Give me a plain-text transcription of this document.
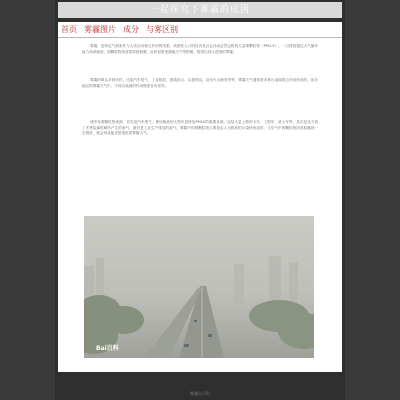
一起探究下雾霾的成因
首页 雾霾图片 成分 与雾区别

雾霾，是特定气候条件与人类活动相互作用的结果。高密度人口的经济及社会活动必然会排放大量细颗粒物（PM2.5），一旦排放超过大气循环能力和承载度，细颗粒物浓度将持续积聚，此时如果受静稳天气等影响，极易出现大范围的雾霾。

雾霾的源头多种多样，比如汽车尾气、工业排放、建筑扬尘、垃圾焚烧，甚至火山喷发等等，雾霾天气通常是多种污染源混合作用形成的。但各地区的雾霾天气中，不同污染源的作用程度各有差异。

城市有毒颗粒物来源：首先是汽车尾气。使用柴油的大型车是排放PM10的重要来源，包括大量上路的卡车、工程车、渣土车等，其次是北方到了冬季烧煤供暖所产生的废气，最后是工业生产排放的废气。雾霾中的细颗粒物主要是由人为排放的污染物形成的，当空气中的颗粒物浓度积累到一定程度，就会形成能见度很低的雾霾天气。

Bai百科
雾霾小百科
